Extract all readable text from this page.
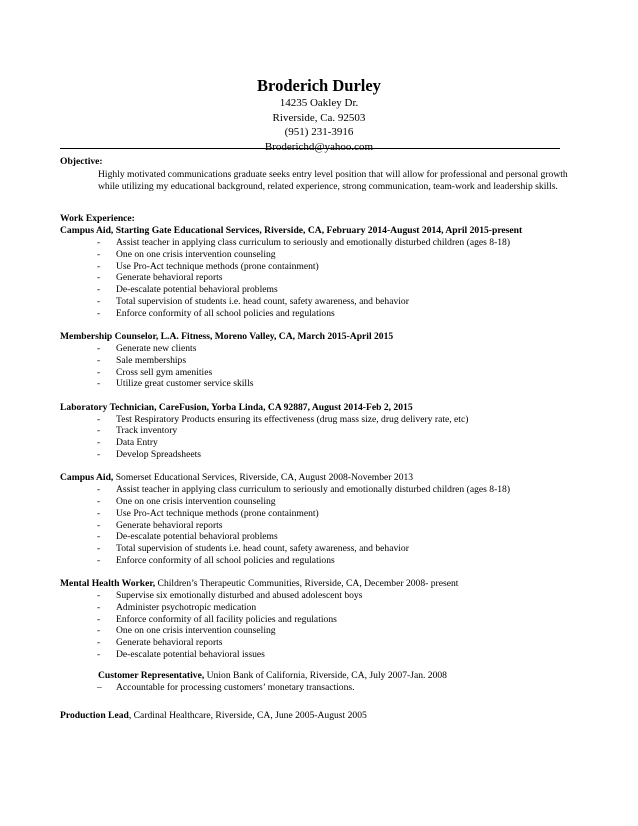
Broderich Durley
14235 Oakley Dr.
Riverside, Ca. 92503
(951) 231-3916
Broderichd@yahoo.com
Objective:
Highly motivated communications graduate seeks entry level position that will allow for professional and personal growth while utilizing my educational background, related experience, strong communication, team-work and leadership skills.
Work Experience:
Campus Aid, Starting Gate Educational Services, Riverside, CA, February 2014-August 2014, April 2015-present
- Assist teacher in applying class curriculum to seriously and emotionally disturbed children (ages 8-18)
- One on one crisis intervention counseling
- Use Pro-Act technique methods (prone containment)
- Generate behavioral reports
- De-escalate potential behavioral problems
- Total supervision of students i.e. head count, safety awareness, and behavior
- Enforce conformity of all school policies and regulations
Membership Counselor, L.A. Fitness, Moreno Valley, CA, March 2015-April 2015
- Generate new clients
- Sale memberships
- Cross sell gym amenities
- Utilize great customer service skills
Laboratory Technician, CareFusion, Yorba Linda, CA 92887, August 2014-Feb 2, 2015
- Test Respiratory Products ensuring its effectiveness (drug mass size, drug delivery rate, etc)
- Track inventory
- Data Entry
- Develop Spreadsheets
Campus Aid, Somerset Educational Services, Riverside, CA, August 2008-November 2013
- Assist teacher in applying class curriculum to seriously and emotionally disturbed children (ages 8-18)
- One on one crisis intervention counseling
- Use Pro-Act technique methods (prone containment)
- Generate behavioral reports
- De-escalate potential behavioral problems
- Total supervision of students i.e. head count, safety awareness, and behavior
- Enforce conformity of all school policies and regulations
Mental Health Worker, Children’s Therapeutic Communities, Riverside, CA, December 2008- present
- Supervise six emotionally disturbed and abused adolescent boys
- Administer psychotropic medication
- Enforce conformity of all facility policies and regulations
- One on one crisis intervention counseling
- Generate behavioral reports
- De-escalate potential behavioral issues
Customer Representative, Union Bank of California, Riverside, CA, July 2007-Jan. 2008
– Accountable for processing customers’ monetary transactions.
Production Lead, Cardinal Healthcare, Riverside, CA, June 2005-August 2005
